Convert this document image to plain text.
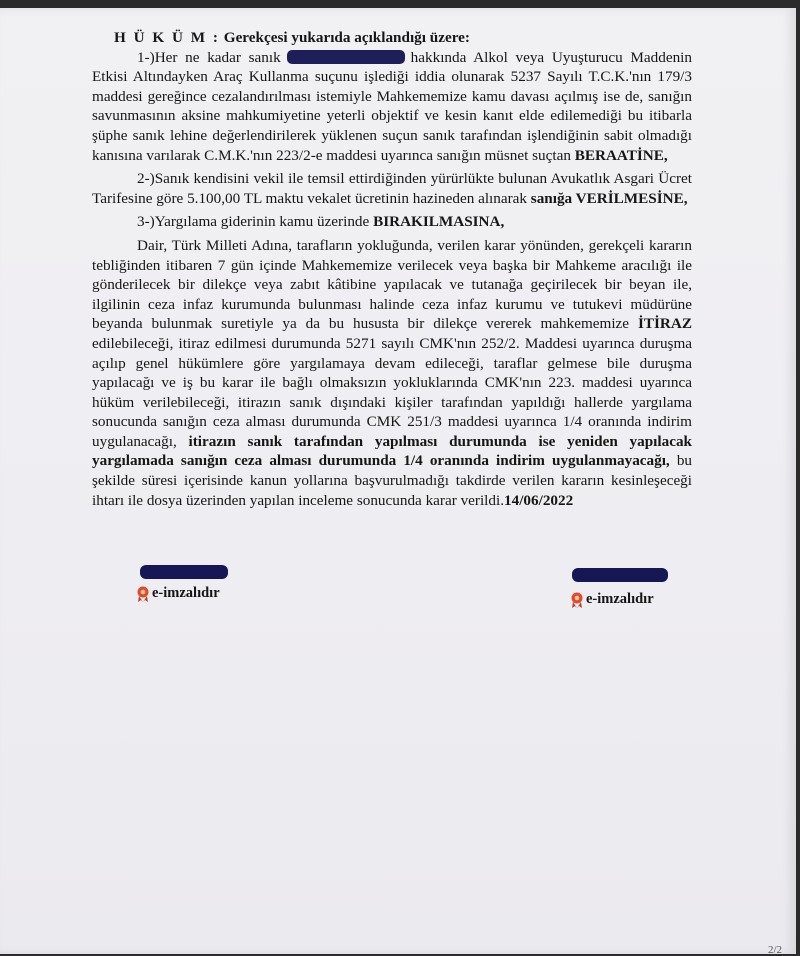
H Ü K Ü M : Gerekçesi yukarıda açıklandığı üzere:

1-)Her ne kadar sanık	hakkında Alkol veya Uyuşturucu Maddenin Etkisi Altındayken Araç Kullanma suçunu işlediği iddia olunarak 5237 Sayılı T.C.K.'nın 179/3 maddesi gereğince cezalandırılması istemiyle Mahkememize kamu davası açılmış ise de, sanığın savunmasının aksine mahkumiyetine yeterli objektif ve kesin kanıt elde edilemediği bu itibarla şüphe sanık lehine değerlendirilerek yüklenen suçun sanık tarafından işlendiğinin sabit olmadığı kanısına varılarak C.M.K.'nın 223/2-e maddesi uyarınca sanığın müsnet suçtan BERAATİNE,

2-)Sanık kendisini vekil ile temsil ettirdiğinden yürürlükte bulunan Avukatlık Asgari Ücret Tarifesine göre 5.100,00 TL maktu vekalet ücretinin hazineden alınarak sanığa VERİLMESİNE,

3-)Yargılama giderinin kamu üzerinde BIRAKILMASINA,

Dair, Türk Milleti Adına, tarafların yokluğunda, verilen karar yönünden, gerekçeli kararın tebliğinden itibaren 7 gün içinde Mahkememize verilecek veya başka bir Mahkeme aracılığı ile gönderilecek bir dilekçe veya zabıt kâtibine yapılacak ve tutanağa geçirilecek bir beyan ile, ilgilinin ceza infaz kurumunda bulunması halinde ceza infaz kurumu ve tutukevi müdürüne beyanda bulunmak suretiyle ya da bu hususta bir dilekçe vererek mahkememize İTİRAZ edilebileceği, itiraz edilmesi durumunda 5271 sayılı CMK'nın 252/2. Maddesi uyarınca duruşma açılıp genel hükümlere göre yargılamaya devam edileceği, taraflar gelmese bile duruşma yapılacağı ve iş bu karar ile bağlı olmaksızın yokluklarında CMK'nın 223. maddesi uyarınca hüküm verilebileceği, itirazın sanık dışındaki kişiler tarafından yapıldığı hallerde yargılama sonucunda sanığın ceza alması durumunda CMK 251/3 maddesi uyarınca 1/4 oranında indirim uygulanacağı, itirazın sanık tarafından yapılması durumunda ise yeniden yapılacak yargılamada sanığın ceza alması durumunda 1/4 oranında indirim uygulanmayacağı, bu şekilde süresi içerisinde kanun yollarına başvurulmadığı takdirde verilen kararın kesinleşeceği ihtarı ile dosya üzerinden yapılan inceleme sonucunda karar verildi.14/06/2022

e-imzalıdır	e-imzalıdır
2/2
